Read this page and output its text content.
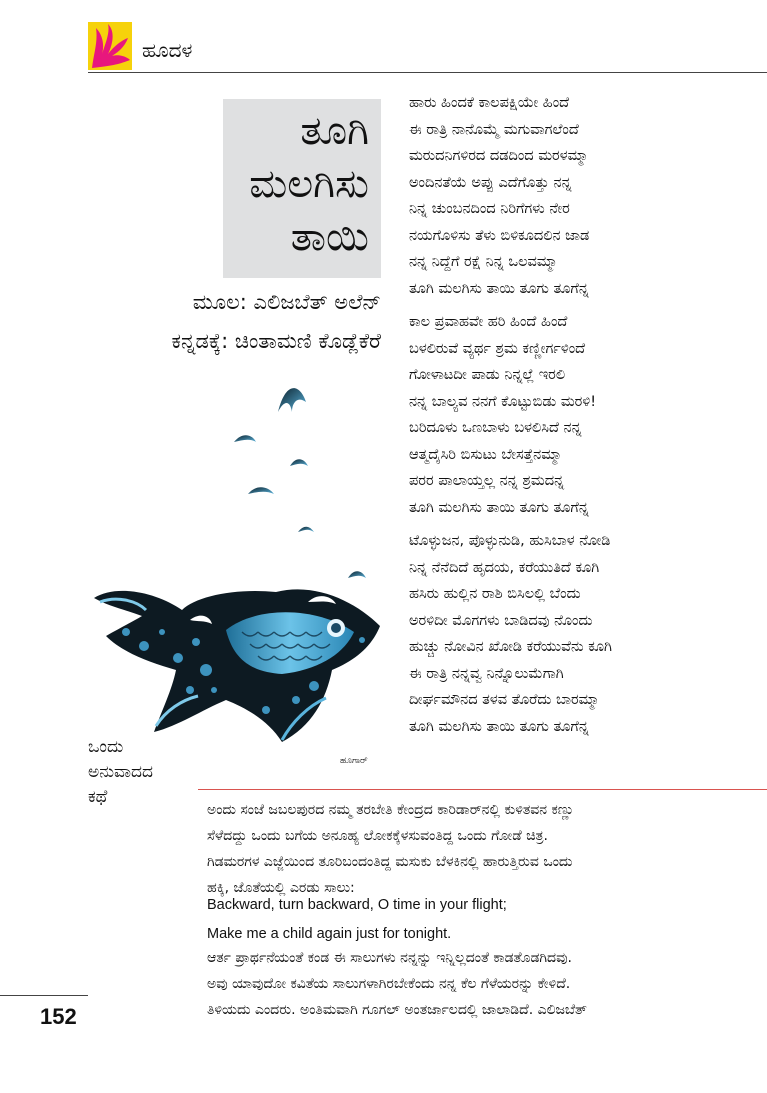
ಹೂದಳ
ತೂಗಿ
ಮಲಗಿಸು
ತಾಯಿ
ಮೂಲ: ಎಲಿಜಬೆತ್ ಅಲೆನ್
ಕನ್ನಡಕ್ಕೆ: ಚಿಂತಾಮಣಿ ಕೊಡ್ಲೆಕೆರೆ
ಹಾರು ಹಿಂದಕೆ ಕಾಲಪಕ್ಷಿಯೇ ಹಿಂದೆ
ಈ ರಾತ್ರಿ ನಾನೊಮ್ಮೆ ಮಗುವಾಗಲೆಂದೆ
ಮರುದನಿಗಳಿರದ ದಡದಿಂದ ಮರಳಮ್ಮಾ
ಅಂದಿನತೆಯೆ ಅಪ್ಪು ಎದೆಗೊತ್ತು ನನ್ನ
ನಿನ್ನ ಚುಂಬನದಿಂದ ನಿರಿಗೆಗಳು ನೇರ
ನಯಗೊಳಿಸು ತೆಳು ಬಿಳಿಕೂದಲಿನ ಜಾಡ
ನನ್ನ ನಿದ್ದೆಗೆ ರಕ್ಷೆ ನಿನ್ನ ಒಲವಮ್ಮಾ
ತೂಗಿ ಮಲಗಿಸು ತಾಯಿ ತೂಗು ತೂಗೆನ್ನ
ಕಾಲ ಪ್ರವಾಹವೇ ಹರಿ ಹಿಂದೆ ಹಿಂದೆ
ಬಳಲಿರುವೆ ವ್ಯರ್ಥ ಶ್ರಮ ಕಣ್ಣೀರ್ಗಳಿಂದೆ
ಗೋಳಾಟದೀ ಪಾಡು ನಿನ್ನಲ್ಲೆ ಇರಲಿ
ನನ್ನ ಬಾಲ್ಯವ ನನಗೆ ಕೊಟ್ಟುಬಿಡು ಮರಳಿ!
ಬರಿದೂಳು ಒಣಬಾಳು ಬಳಲಿಸಿದೆ ನನ್ನ
ಆತ್ಮದೈಸಿರಿ ಬಿಸುಟು ಬೇಸತ್ತೆನಮ್ಮಾ
ಪರರ ಪಾಲಾಯ್ತಲ್ಲ ನನ್ನ ಶ್ರಮದನ್ನ
ತೂಗಿ ಮಲಗಿಸು ತಾಯಿ ತೂಗು ತೂಗೆನ್ನ
ಟೊಳ್ಳುಜನ, ಪೊಳ್ಳುನುಡಿ, ಹುಸಿಬಾಳ ನೋಡಿ
ನಿನ್ನ ನೆನೆದಿದೆ ಹೃದಯ, ಕರೆಯುತಿದೆ ಕೂಗಿ
ಹಸಿರು ಹುಲ್ಲಿನ ರಾಶಿ ಬಿಸಿಲಲ್ಲಿ ಬೆಂದು
ಅರಳಿದೀ ಮೊಗಗಳು ಬಾಡಿದವು ನೊಂದು
ಹುಚ್ಚು ನೋವಿನ ಖೋಡಿ ಕರೆಯುವೆನು ಕೂಗಿ
ಈ ರಾತ್ರಿ ನನ್ನವ್ವ ನಿನ್ನೊಲುಮೆಗಾಗಿ
ದೀರ್ಘಮೌನದ ತಳವ ತೊರೆದು ಬಾರಮ್ಮಾ
ತೂಗಿ ಮಲಗಿಸು ತಾಯಿ ತೂಗು ತೂಗೆನ್ನ
ಹೂಗಾರ್
ಒಂದು
ಅನುವಾದದ
ಕಥೆ
ಅಂದು ಸಂಜೆ ಜಬಲಪುರದ ನಮ್ಮ ತರಬೇತಿ ಕೇಂದ್ರದ ಕಾರಿಡಾರ್‌ನಲ್ಲಿ ಕುಳಿತವನ ಕಣ್ಣು
ಸೆಳೆದದ್ದು ಒಂದು ಬಗೆಯ ಅನೂಹ್ಯ ಲೋಕಕ್ಕೆಳಸುವಂತಿದ್ದ ಒಂದು ಗೋಡೆ ಚಿತ್ರ.
ಗಿಡಮರಗಳ ಎಜ್ಜೆಯಿಂದ ತೂರಿಬಂದಂತಿದ್ದ ಮಸುಕು ಬೆಳಕಿನಲ್ಲಿ ಹಾರುತ್ತಿರುವ ಒಂದು
ಹಕ್ಕಿ, ಜೊತೆಯಲ್ಲಿ ಎರಡು ಸಾಲು:
Backward, turn backward, O time in your flight;
Make me a child again just for tonight.
ಆರ್ತ ಪ್ರಾರ್ಥನೆಯಂತೆ ಕಂಡ ಈ ಸಾಲುಗಳು ನನ್ನನ್ನು ಇನ್ನಿಲ್ಲದಂತೆ ಕಾಡತೊಡಗಿದವು.
ಅವು ಯಾವುದೋ ಕವಿತೆಯ ಸಾಲುಗಳಾಗಿರಬೇಕೆಂದು ನನ್ನ ಕೆಲ ಗೆಳೆಯರನ್ನು ಕೇಳಿದೆ.
ತಿಳಿಯದು ಎಂದರು. ಅಂತಿಮವಾಗಿ ಗೂಗಲ್ ಅಂತರ್ಜಾಲದಲ್ಲಿ ಜಾಲಾಡಿದೆ. ಎಲಿಜಬೆತ್
152
